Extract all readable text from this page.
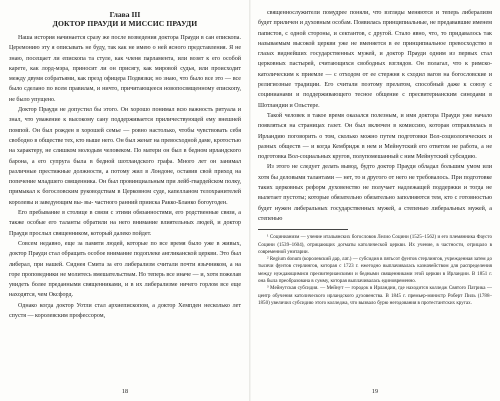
Глава III
ДОКТОР ПРАУДИ И МИССИС ПРАУДИ

Наша история начинается сразу же после возведения доктора Прауди в сан епископа. Церемонию эту я описывать не буду, так как не имею о ней ясного представления. Я не знаю, посещает ли епископа та стуле, как членя парламента, или возят к его особой карете, как лорд-мэра, приносит ли он присягу, как мировой судья, или происходит между двумя собратьями, как презд офицера Подвязки; но знаю, что было все это — все было сделано по всем правилам, и ничто, причитающееся новопосвященному епископу, не было упущено.

Доктор Прауди не допустил бы этого. Он хорошо понимал всю важность ритуала и знал, что уважение к высокому сану поддерживается приличествующей ему внешней помпой. Он был рожден в хорошей семье — ровно настолько, чтобы чувствовать себя свободно в обществе тех, кто выше него. Он был женат на превосходной даме, кротостью на характеру, не слишком молодым человеком. По матери он был в бедном ирландского барона, а его супруга была в бедной шотландского графа. Много лет он занимал различные престижные должности, а потому жил в Лондоне, оставив свой приход на попечение младшего священника. Он был провинциальным при лейб-гвардейском полку, примыкал к богословским руководствам в Церковном суде, капелланом телохранителей королевы и заведующим вы- вы- частного ранний прииска Ракко-Бланко богоугоден.

Его пребывание в столице в связи с этими обязанностями, его родственные связи, а также особые его таланты обратили на него внимание влиятельных людей, и доктор Прауди прослыл священником, который далеко пойдет.

Совсем недавно, еще за памяти людей, которые по все время было уже в живых, доктор Прауди стал обращать особое внимание подоплеке англиканской церкви. Это был либерал, при нашей. Сиднея Смита за его либерализм считали почти язычником, а на горе проповедники не молитесь вмешательствам. Но теперь все иначе — и, хотя пожелав увидеть более преданными священниками, и в их либерализме ничего горлом все еще находятся, чем Оксфорд.

Однако когда доктор Уотли стал архиепископом, а доктор Хемпден несколько лет спустя — королевским профессором,

18

священнослужители помудрее поняли, что взгляды меняются и теперь либерализм будет приличен и духовным особам. Появилась принципиальные, не предававшие именем папистов, с одной стороны, и сектантов, с другой. Стало явно, что, то придавалось так называемым высокой церкви уже не вменяется в ее принципиальное превосходство в глазах виднейших государственных мужей, и доктор Прауди одним из первых стал церковных пастырей, считающихся свободных взглядов. Он полагал, что к римско-католическим к приемле — с отходом от ее стержня к сходил вагов на богословские и религиозные традиции. Его считали поэтому прелатом, способный даже к союзу с социнианами и поддерживающего тесное общение с пресвитерианским синодами в Шотландии и Ольстере.

Такой человек в такое время оказался полезным, и имя доктора Прауди уже начало появляться на страницах газет. Он был включен в комиссию, которая отправлялась в Ирландию поговорить о том, сколько можно путем подготовки Вол-социологических и разных обществ — и когда Кембридж в нем и Мейнутский его ответом не работа, а не подготовка Вол-социальных кругов, полупомешанный с ним Мейнутский субсидию.

Из этого не следует делать вывод, будто доктор Прауди обладал большим умом или хотя бы деловыми талантами — нет, то и другого от него не требовалось. При подготовке таких церковных реформ духовенство не получает надлежащей поддержки и тогда не вылетает пустоты; которые обязательно обязательно заполняются тем, кто с готовностью будет нужен либеральных государственных мужей, а степенью либеральных мужей, а степенью

¹ Социнианизм — учение итальянских богословов Лелио Социни (1525–1562) и его племянника Фаусто Социни (1539–1604), отрицающих догматы католической церкви. Их учение, в частности, отрицало в современной унитарии.

² Regium donum (королевский дар, лат.) — субсидия в пятьсот фунтов стерлингов, учрежденная затем до тысячи фунтов стерлингов, которая с 1723 г. ежегодно выплачивалась казначейством для распределения между нуждающимися пресвитерианскими и бедными священниками этой церкви в Ирландии. В 1851 г. она была преобразована в сумму, которая выплачивалась единовременно.

³ Мейнутская субсидия. — Мейнут — городок в Ирландии, где находится колледж Святого Патрика — центр обучения католического ирландского духовенства. В 1845 г. премьер-министр Роберт Пиль (1788–1850) увеличил субсидию этого колледжа, что вызвало бурю негодования в протестантских кругах.

19
